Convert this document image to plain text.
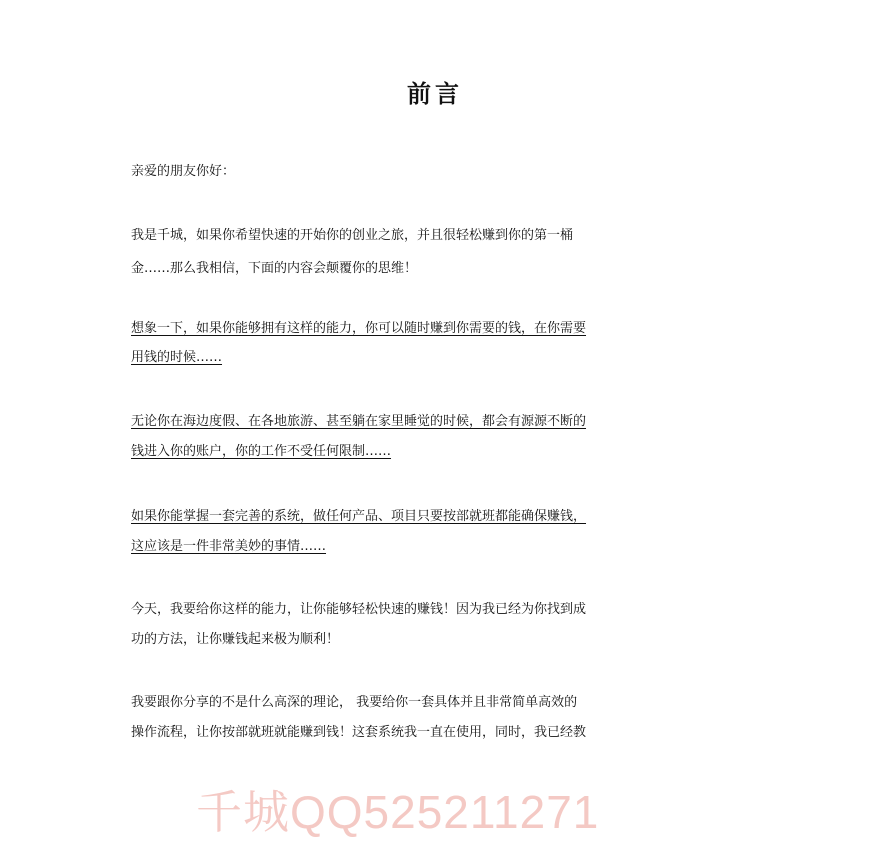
前言
亲爱的朋友你好：
我是千城，如果你希望快速的开始你的创业之旅，并且很轻松赚到你的第一桶
金……那么我相信，下面的内容会颠覆你的思维！
想象一下，如果你能够拥有这样的能力，你可以随时赚到你需要的钱，在你需要
用钱的时候……
无论你在海边度假、在各地旅游、甚至躺在家里睡觉的时候，都会有源源不断的
钱进入你的账户，你的工作不受任何限制……
如果你能掌握一套完善的系统，做任何产品、项目只要按部就班都能确保赚钱，
这应该是一件非常美妙的事情……
今天，我要给你这样的能力，让你能够轻松快速的赚钱！因为我已经为你找到成
功的方法，让你赚钱起来极为顺利！
我要跟你分享的不是什么高深的理论， 我要给你一套具体并且非常简单高效的
操作流程，让你按部就班就能赚到钱！这套系统我一直在使用，同时，我已经教
千城QQ525211271
